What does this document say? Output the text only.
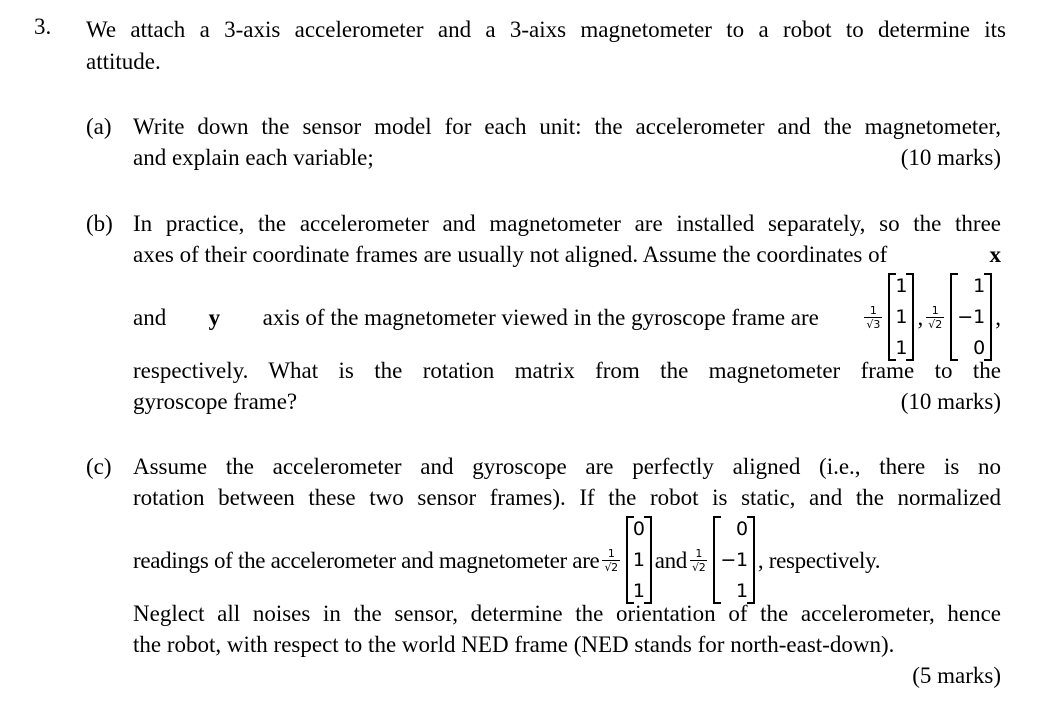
3. We attach a 3-axis accelerometer and a 3-aixs magnetometer to a robot to determine its
attitude.
(a) Write down the sensor model for each unit: the accelerometer and the magnetometer,
and explain each variable;	(10 marks)
(b) In practice, the accelerometer and magnetometer are installed separately, so the three
axes of their coordinate frames are usually not aligned. Assume the coordinates of	x
and y axis of the magnetometer viewed in the gyroscope frame are	$\frac{1}{√3}$
1
1
1
, $\frac{1}{√2}$
1
−1
0
,
respectively. What is the rotation matrix from the magnetometer frame to the
gyroscope frame?	(10 marks)
(c) Assume the accelerometer and gyroscope are perfectly aligned (i.e., there is no
rotation between these two sensor frames). If the robot is static, and the normalized
readings of the accelerometer and magnetometer are $\frac{1}{√2}$
0
1
1
and $\frac{1}{√2}$
0
−1
1
, respectively.
Neglect all noises in the sensor, determine the orientation of the accelerometer, hence
the robot, with respect to the world NED frame (NED stands for north-east-down).
(5 marks)
